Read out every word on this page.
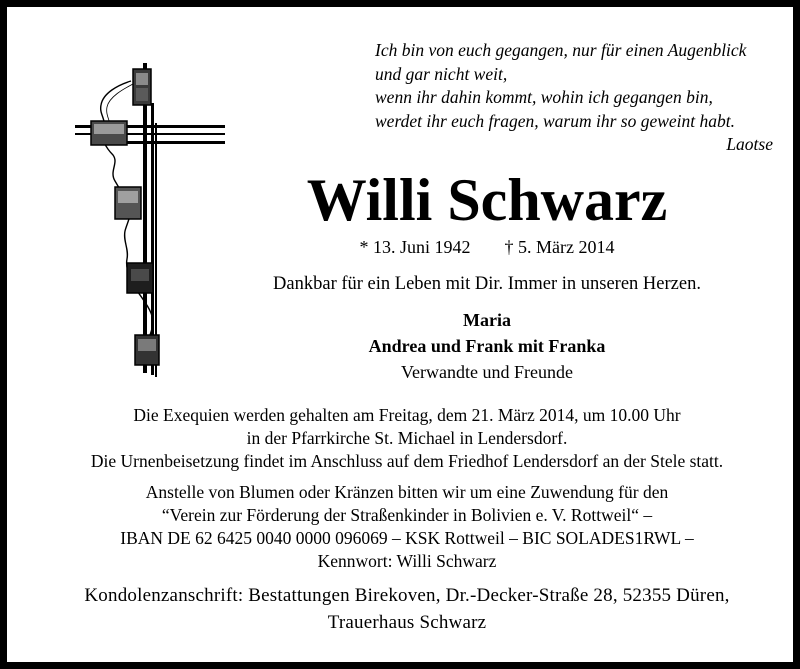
Ich bin von euch gegangen, nur für einen Augenblick
und gar nicht weit,
wenn ihr dahin kommt, wohin ich gegangen bin,
werdet ihr euch fragen, warum ihr so geweint habt.
Laotse
Willi Schwarz
* 13. Juni 1942 † 5. März 2014
Dankbar für ein Leben mit Dir. Immer in unseren Herzen.
Maria
Andrea und Frank mit Franka
Verwandte und Freunde
Die Exequien werden gehalten am Freitag, dem 21. März 2014, um 10.00 Uhr
in der Pfarrkirche St. Michael in Lendersdorf.
Die Urnenbeisetzung findet im Anschluss auf dem Friedhof Lendersdorf an der Stele statt.
Anstelle von Blumen oder Kränzen bitten wir um eine Zuwendung für den
“Verein zur Förderung der Straßenkinder in Bolivien e. V. Rottweil“ –
IBAN DE 62 6425 0040 0000 096069 – KSK Rottweil – BIC SOLADES1RWL –
Kennwort: Willi Schwarz
Kondolenzanschrift: Bestattungen Birekoven, Dr.-Decker-Straße 28, 52355 Düren,
Trauerhaus Schwarz
